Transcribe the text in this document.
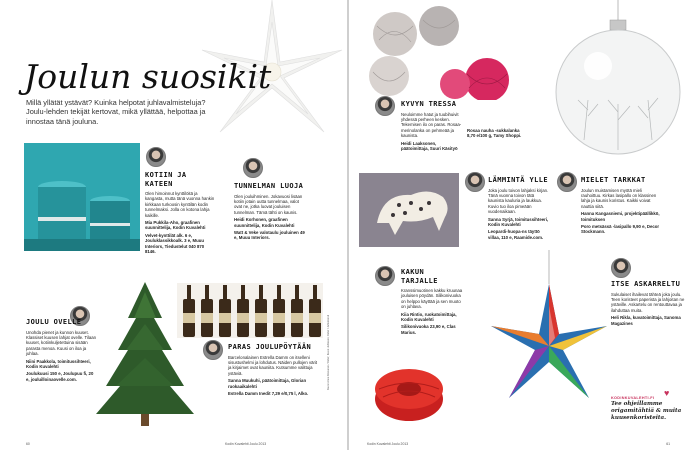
Joulun suosikit
Millä yllätät ystävät? Kuinka helpotat juhlavalmisteluja? Joulu-lehden tekijät kertovat, mikä yllättää, helpottaa ja innostaa tänä jouluna.
KOTIIN JA KATEEN
Olen himoinnut kynttilöitä ja kangasta, mutta tänä vuonna hankin kirkkaan turkoosin kynttilän kodin tunnelmaksi. Jolla on kotona lahja kaikille.
Mia Pukkila-Aho, graafinen suunnittelija, Kodin Kuvalehti
Velvet-kynttilät alk. 6 e, Jouluklassikkoalk. 3 e, Muuu Interiors, Tiedustelut 040 870 8146.
TUNNELMAN LUOJA
Olen jouluihminen. Jokavuosi lisäan kotiin jotain uutta tunnelmaa, valot ovat ne, jotka luovat jouluisen tunnelman. Tämä tähti on kaunis.
Heidi Korhonen, graafinen suunnittelija, Kodin Kuvalehti
Watt & Veke valotaulu jouluinen 49 e, Muuu Interiors.
JOULU OVELLE
Unohda pienet ja kunnon kuuset. Klassiset kuusen lahjat ovelle. Tilaan kuuset, kotiinkuljetettuina sisään parasta menoa. Kuusi on iloa ja juhlaa.
Niini Paakkola, toimitussihteeri, Kodin Kuvalehti
Joulukuusi 150 e, Joulupuu fi, 20 e, jouluilloinaovelle.com.
PARAS JOULUPÖYTÄÄN
Barcelonalainen Estrella Damm on itselleni sisustushelmi ja lohdutus. Näiden pullojen värit ja kirjaimet ovat kauniita. Kutsumme valittuja ystäviä.
Sanna Muukuhi, päätoimittaja, Glorian ruokaaikalehti
Estrella Damm Inedit 7,29 e/0,75 l, Alko.
Kuvat Anne Kinnunen / Rider; Kuvat Juhlanen; Rider / Juhlatrendi
60	Kodin Kuvalehti Joulu 2013
KYVYN TRESSA
Neuloimme hatut ja tuubihuivit yhdessä perheen kesken. Tekemisen ilo on paras. Rosaa-merinolanka on pehmeää ja kaunista.
Heidi Laaksonen, päätoimittaja, Suuri Käsityö
Rosaa nauha -sukkalanka 8,70 e/100 g, Tamy Shoppi.
LÄMMINTÄ YLLE
Joka joulu toivon lahjaksi kirjan. Tänä vuonna toivon tätä kaunista kauluria ja laukkua. Kuvio tuo iloa pimeään vuodenaikaan.
Sanna Syrjä, toimitussihteeri, Kodin Kuvalehti
Leopardi-huopa-ns täyttö villaa, 110 e, Raamide.com.
MIELET TARKKAT
Joulun muistamisen myötä mieli rauhoittuu. Kirkas lasipallo on klassinen lahja ja kaunis koristus. Kaikki voivat nauttia siitä.
Hanna Kangasniemi, projektipäällikkö, toimituksen
Poro metsässä -lasipallo 9,90 e, Decor Stockmann.
KAKUN TARJALLE
Kranssimuotinen kakku kruunaa jouluisen pöydän. Silikonivuoka on helppo käyttää ja sen muoto on juhlava.
Kiia Rintio, ruokatoimittaja, Kodin Kuvalehti
Silikonivuoka 23,90 e, Clas Marius.
ITSE ASKARRELTU
Sukulaiset ihailevat tähteä joka joulu. Teen koristeet paperista ja lahjoitan ne ystäville. Askartelu on rentouttavaa ja ilahduttaa muita.
Heli Rikla, kuvatoimittaja, Sanoma Magazines
♥
KODINKUVALEHTI.FI
Tee ohjeillamme origamitähtiä & muita kuusenkoristeita.
Kodin Kuvalehti Joulu 2013	61
